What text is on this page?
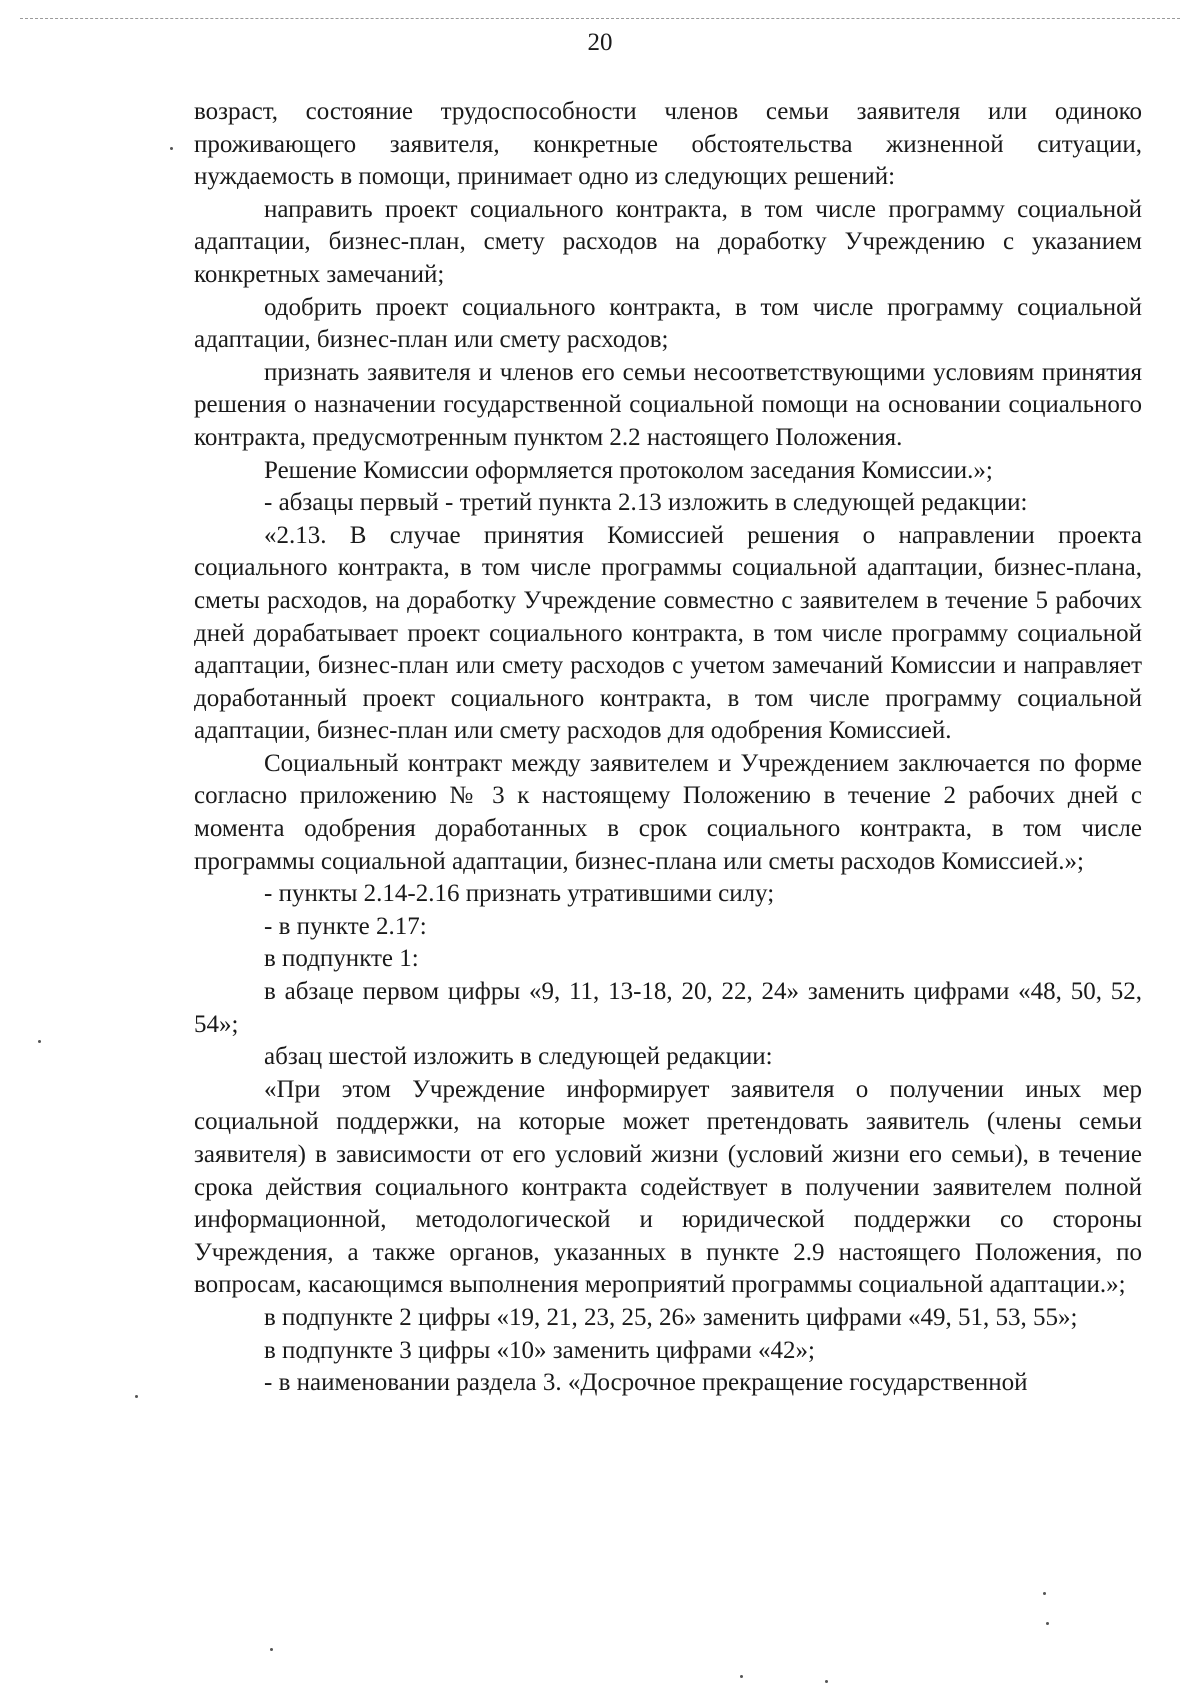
20

возраст, состояние трудоспособности членов семьи заявителя или одиноко проживающего заявителя, конкретные обстоятельства жизненной ситуации, нуждаемость в помощи, принимает одно из следующих решений:

направить проект социального контракта, в том числе программу социальной адаптации, бизнес-план, смету расходов на доработку Учреждению с указанием конкретных замечаний;

одобрить проект социального контракта, в том числе программу социальной адаптации, бизнес-план или смету расходов;

признать заявителя и членов его семьи несоответствующими условиям принятия решения о назначении государственной социальной помощи на основании социального контракта, предусмотренным пунктом 2.2 настоящего Положения.

Решение Комиссии оформляется протоколом заседания Комиссии.»;

- абзацы первый - третий пункта 2.13 изложить в следующей редакции:

«2.13. В случае принятия Комиссией решения о направлении проекта социального контракта, в том числе программы социальной адаптации, бизнес-плана, сметы расходов, на доработку Учреждение совместно с заявителем в течение 5 рабочих дней дорабатывает проект социального контракта, в том числе программу социальной адаптации, бизнес-план или смету расходов с учетом замечаний Комиссии и направляет доработанный проект социального контракта, в том числе программу социальной адаптации, бизнес-план или смету расходов для одобрения Комиссией.

Социальный контракт между заявителем и Учреждением заключается по форме согласно приложению № 3 к настоящему Положению в течение 2 рабочих дней с момента одобрения доработанных в срок социального контракта, в том числе программы социальной адаптации, бизнес-плана или сметы расходов Комиссией.»;

- пункты 2.14-2.16 признать утратившими силу;

- в пункте 2.17:

в подпункте 1:

в абзаце первом цифры «9, 11, 13-18, 20, 22, 24» заменить цифрами «48, 50, 52, 54»;

абзац шестой изложить в следующей редакции:

«При этом Учреждение информирует заявителя о получении иных мер социальной поддержки, на которые может претендовать заявитель (члены семьи заявителя) в зависимости от его условий жизни (условий жизни его семьи), в течение срока действия социального контракта содействует в получении заявителем полной информационной, методологической и юридической поддержки со стороны Учреждения, а также органов, указанных в пункте 2.9 настоящего Положения, по вопросам, касающимся выполнения мероприятий программы социальной адаптации.»;

в подпункте 2 цифры «19, 21, 23, 25, 26» заменить цифрами «49, 51, 53, 55»;

в подпункте 3 цифры «10» заменить цифрами «42»;

- в наименовании раздела 3. «Досрочное прекращение государственной
